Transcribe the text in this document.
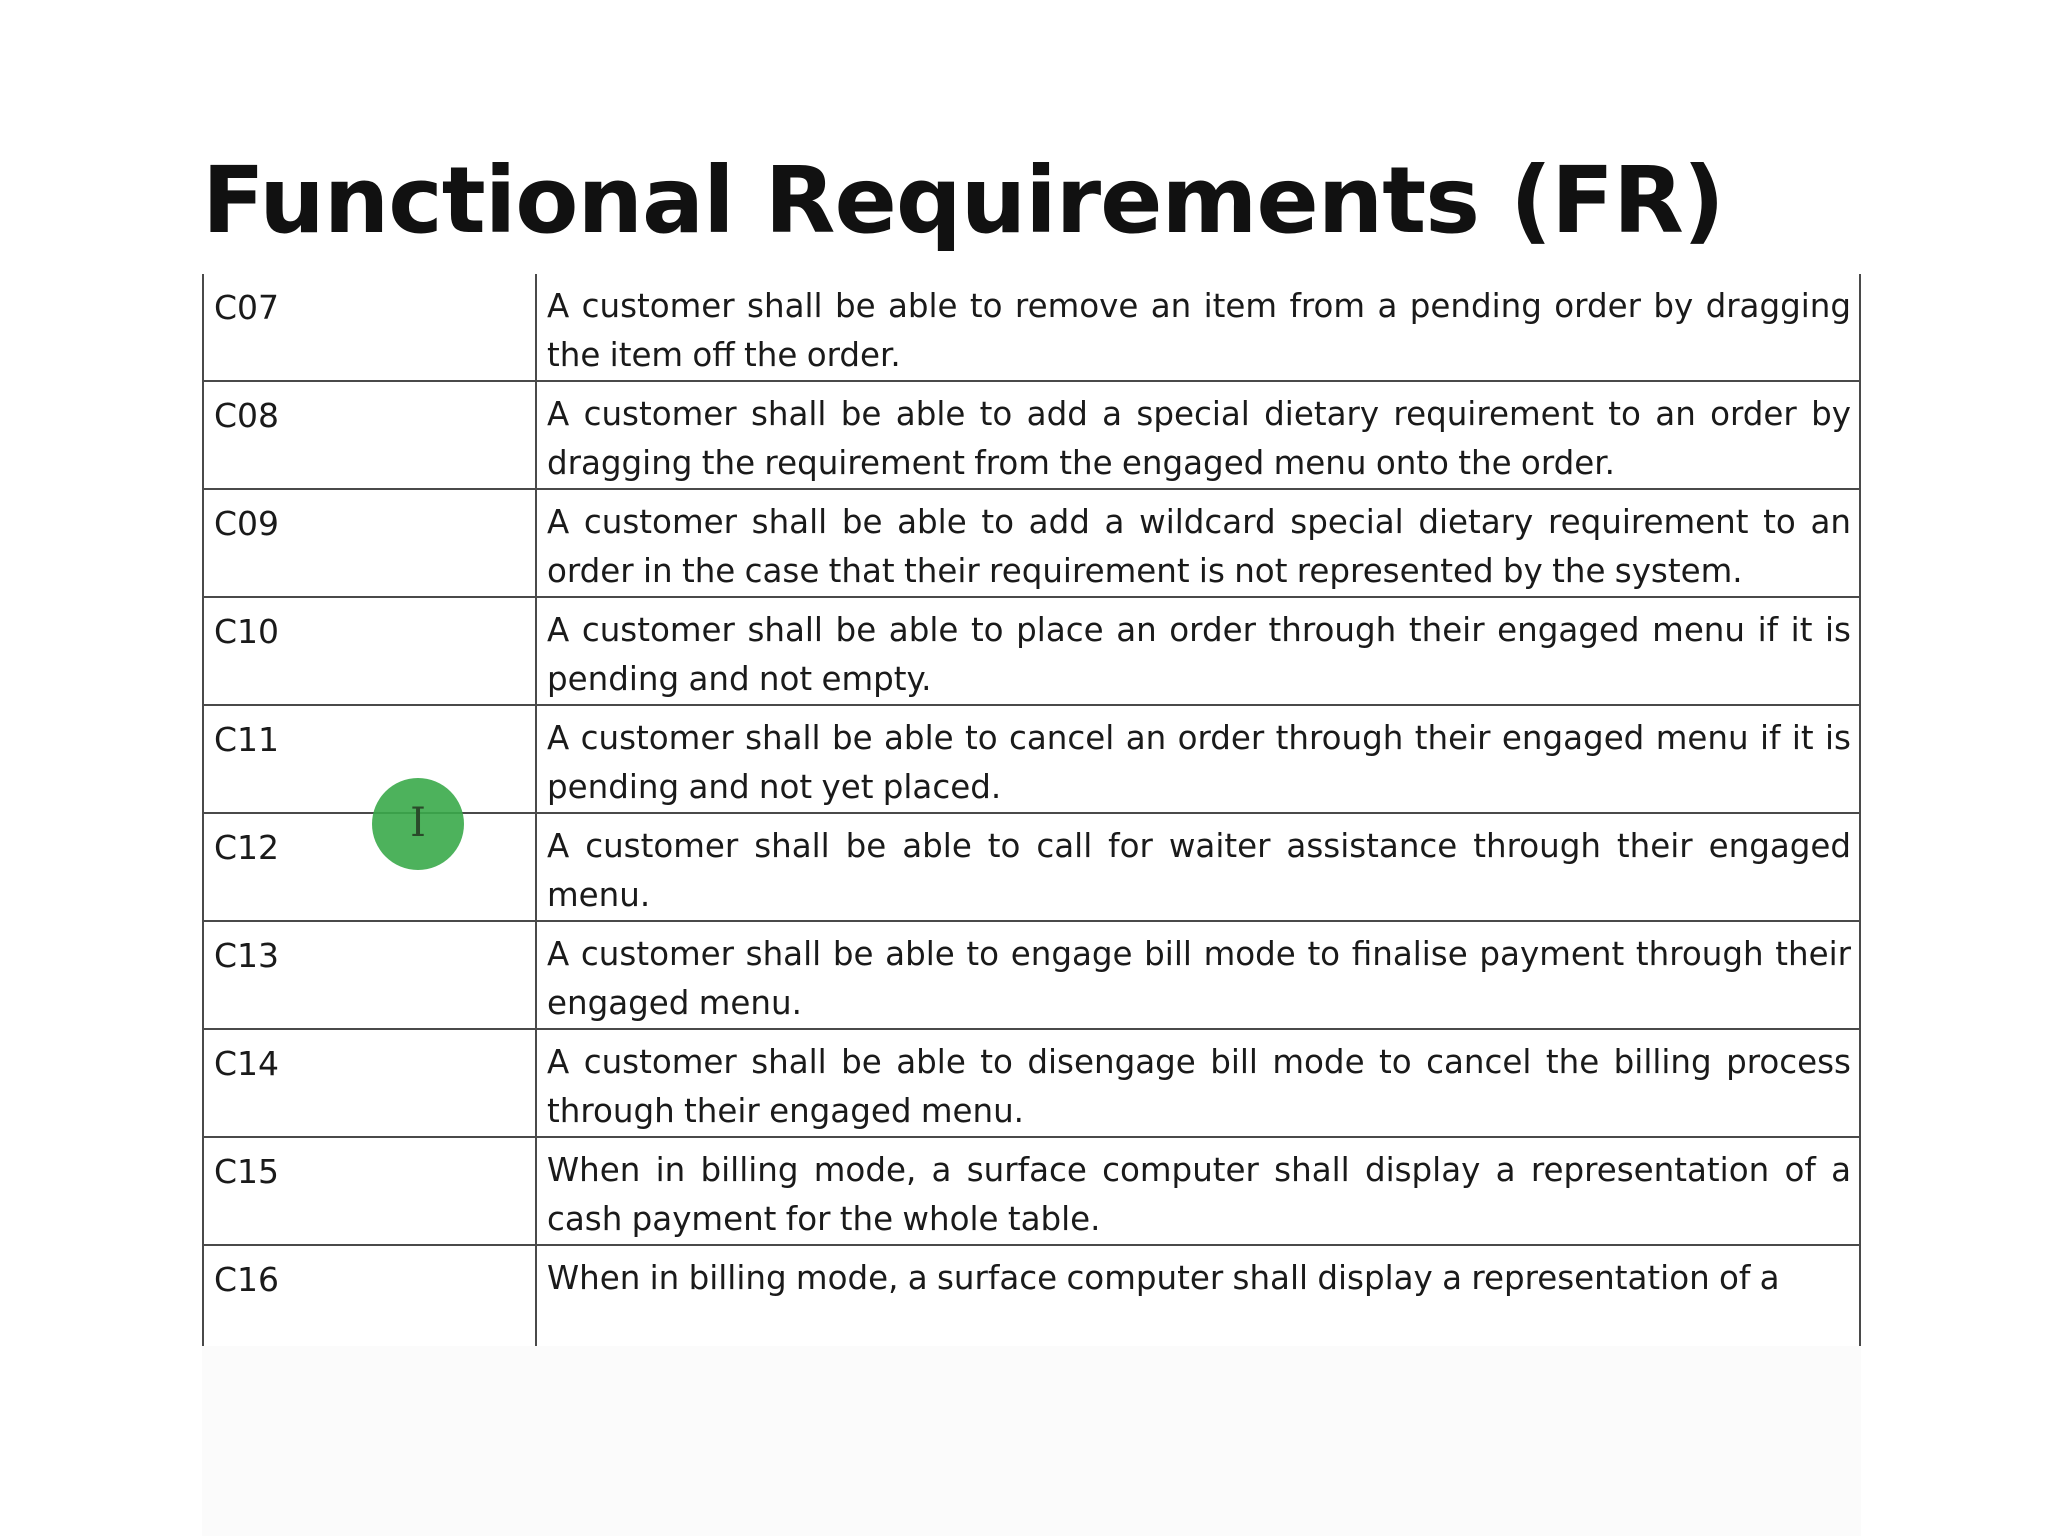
Functional Requirements (FR)
C07	A customer shall be able to remove an item from a pending order by dragging the item off the order.
C08	A customer shall be able to add a special dietary requirement to an order by dragging the requirement from the engaged menu onto the order.
C09	A customer shall be able to add a wildcard special dietary requirement to an order in the case that their requirement is not represented by the system.
C10	A customer shall be able to place an order through their engaged menu if it is pending and not empty.
C11	A customer shall be able to cancel an order through their engaged menu if it is pending and not yet placed.
C12	A customer shall be able to call for waiter assistance through their engaged menu.
C13	A customer shall be able to engage bill mode to finalise payment through their engaged menu.
C14	A customer shall be able to disengage bill mode to cancel the billing process through their engaged menu.
C15	When in billing mode, a surface computer shall display a representation of a cash payment for the whole table.
C16	When in billing mode, a surface computer shall display a representation of a
I
